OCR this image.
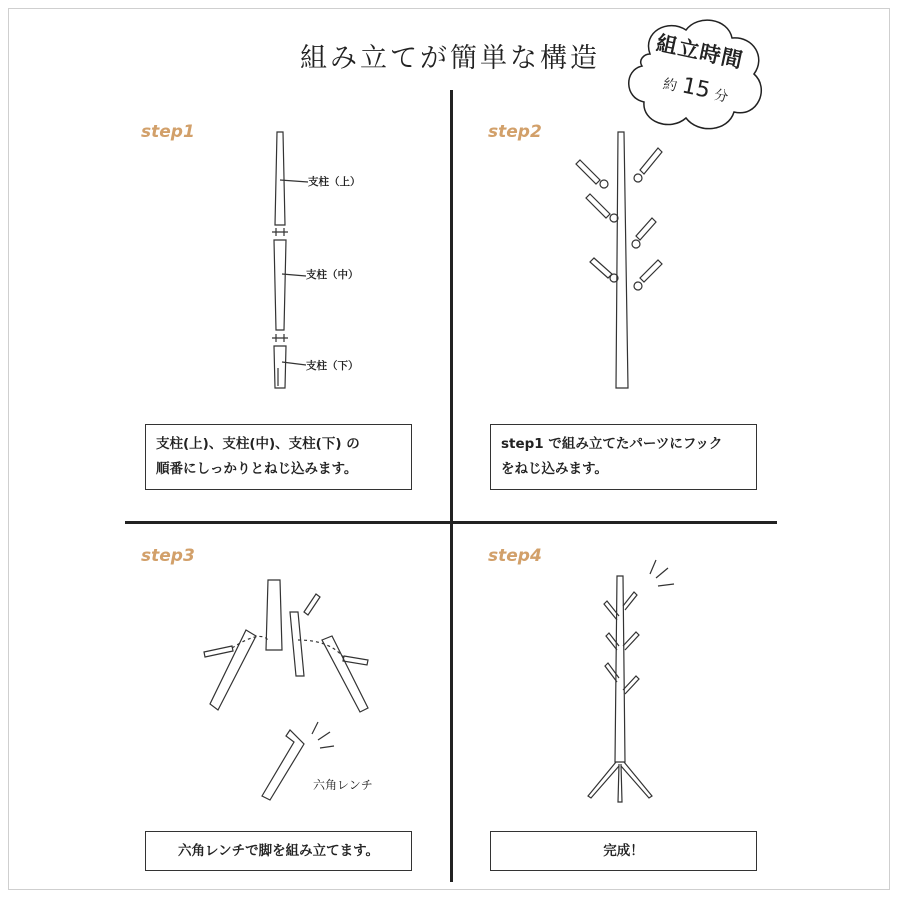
組み立てが簡単な構造	組立時間
約 15 分
step1
支柱（上）
支柱（中）
支柱（下）
支柱(上)、支柱(中)、支柱(下) の
順番にしっかりとねじ込みます。
step2
step1 で組み立てたパーツにフック
をねじ込みます。
step3
六角レンチ
六角レンチで脚を組み立てます。
step4
完成！
